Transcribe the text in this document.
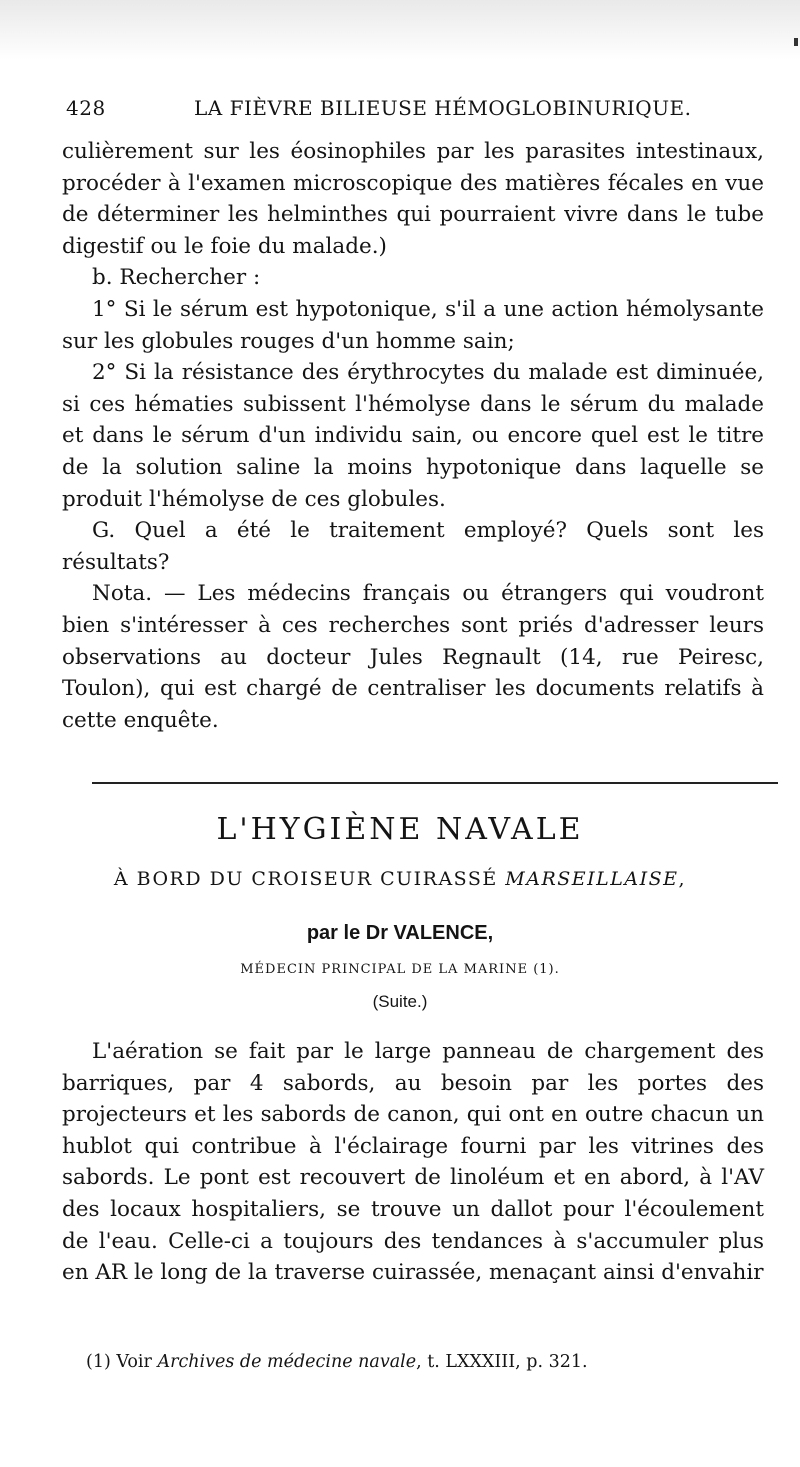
428	LA FIÈVRE BILIEUSE HÉMOGLOBINURIQUE.

culièrement sur les éosinophiles par les parasites intestinaux, procéder à l'examen microscopique des matières fécales en vue de déterminer les helminthes qui pourraient vivre dans le tube digestif ou le foie du malade.)

b. Rechercher :

1° Si le sérum est hypotonique, s'il a une action hémolysante sur les globules rouges d'un homme sain;

2° Si la résistance des érythrocytes du malade est diminuée, si ces hématies subissent l'hémolyse dans le sérum du malade et dans le sérum d'un individu sain, ou encore quel est le titre de la solution saline la moins hypotonique dans laquelle se produit l'hémolyse de ces globules.

G. Quel a été le traitement employé? Quels sont les résultats?

Nota. — Les médecins français ou étrangers qui voudront bien s'intéresser à ces recherches sont priés d'adresser leurs observations au docteur Jules Regnault (14, rue Peiresc, Toulon), qui est chargé de centraliser les documents relatifs à cette enquête.

L'HYGIÈNE NAVALE
À BORD DU CROISEUR CUIRASSÉ MARSEILLAISE,
par le Dr VALENCE,
MÉDECIN PRINCIPAL DE LA MARINE (1).
(Suite.)

L'aération se fait par le large panneau de chargement des barriques, par 4 sabords, au besoin par les portes des projecteurs et les sabords de canon, qui ont en outre chacun un hublot qui contribue à l'éclairage fourni par les vitrines des sabords. Le pont est recouvert de linoléum et en abord, à l'AV des locaux hospitaliers, se trouve un dallot pour l'écoulement de l'eau. Celle-ci a toujours des tendances à s'accumuler plus en AR le long de la traverse cuirassée, menaçant ainsi d'envahir

(1) Voir Archives de médecine navale, t. LXXXIII, p. 321.
